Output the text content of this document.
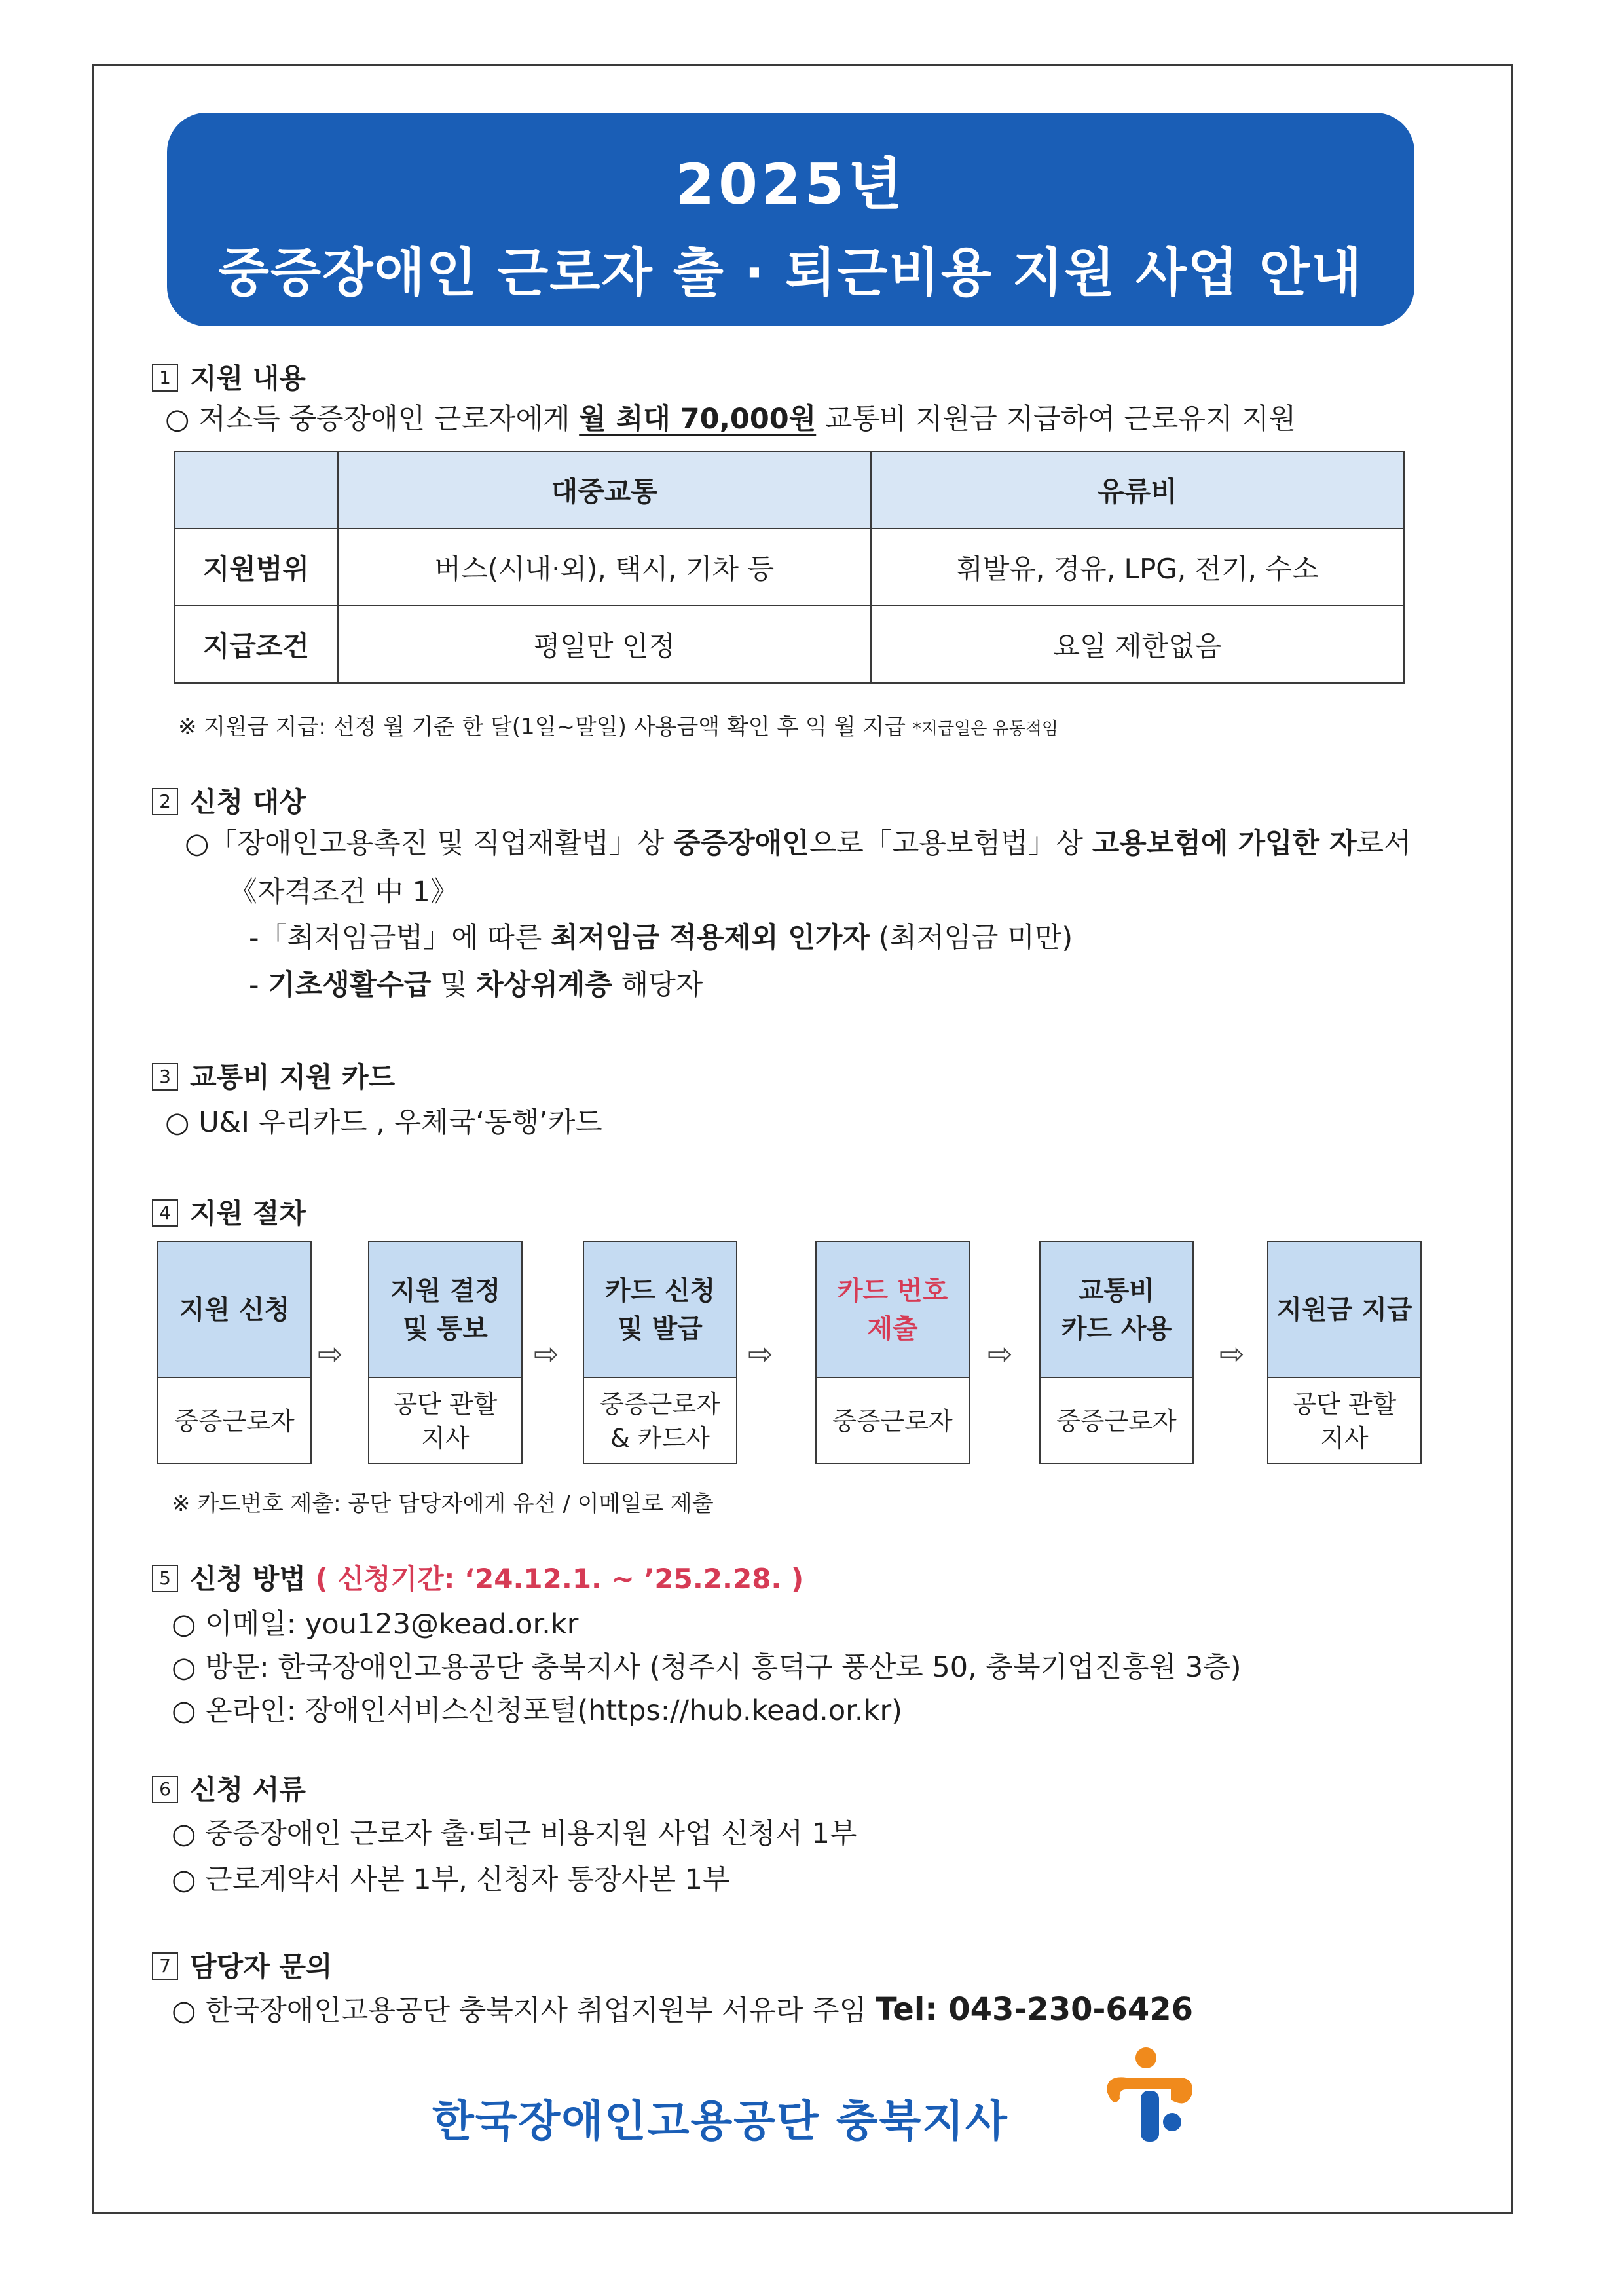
2025년
중증장애인 근로자 출 · 퇴근비용 지원 사업 안내
1 지원 내용
○ 저소득 중증장애인 근로자에게 월 최대 70,000원 교통비 지원금 지급하여 근로유지 지원
	대중교통	유류비
지원범위	버스(시내·외), 택시, 기차 등	휘발유, 경유, LPG, 전기, 수소
지급조건	평일만 인정	요일 제한없음
※ 지원금 지급: 선정 월 기준 한 달(1일~말일) 사용금액 확인 후 익 월 지급 *지급일은 유동적임
2 신청 대상
○「장애인고용촉진 및 직업재활법」상 중증장애인으로「고용보험법」상 고용보험에 가입한 자로서
《자격조건 中 1》
-「최저임금법」에 따른 최저임금 적용제외 인가자 (최저임금 미만)
- 기초생활수급 및 차상위계층 해당자
3 교통비 지원 카드
○ U&I 우리카드 , 우체국‘동행’카드
4 지원 절차
지원 신청
중증근로자
⇨
지원 결정
및 통보
공단 관할
지사
⇨
카드 신청
및 발급
중증근로자
& 카드사
⇨
카드 번호
제출
중증근로자
⇨
교통비
카드 사용
중증근로자
⇨
지원금 지급
공단 관할
지사
※ 카드번호 제출: 공단 담당자에게 유선 / 이메일로 제출
5 신청 방법 ( 신청기간: ‘24.12.1. ~ ’25.2.28. )
○ 이메일: you123@kead.or.kr
○ 방문: 한국장애인고용공단 충북지사 (청주시 흥덕구 풍산로 50, 충북기업진흥원 3층)
○ 온라인: 장애인서비스신청포털(https://hub.kead.or.kr)
6 신청 서류
○ 중증장애인 근로자 출·퇴근 비용지원 사업 신청서 1부
○ 근로계약서 사본 1부, 신청자 통장사본 1부
7 담당자 문의
○ 한국장애인고용공단 충북지사 취업지원부 서유라 주임 Tel: 043-230-6426
한국장애인고용공단 충북지사
